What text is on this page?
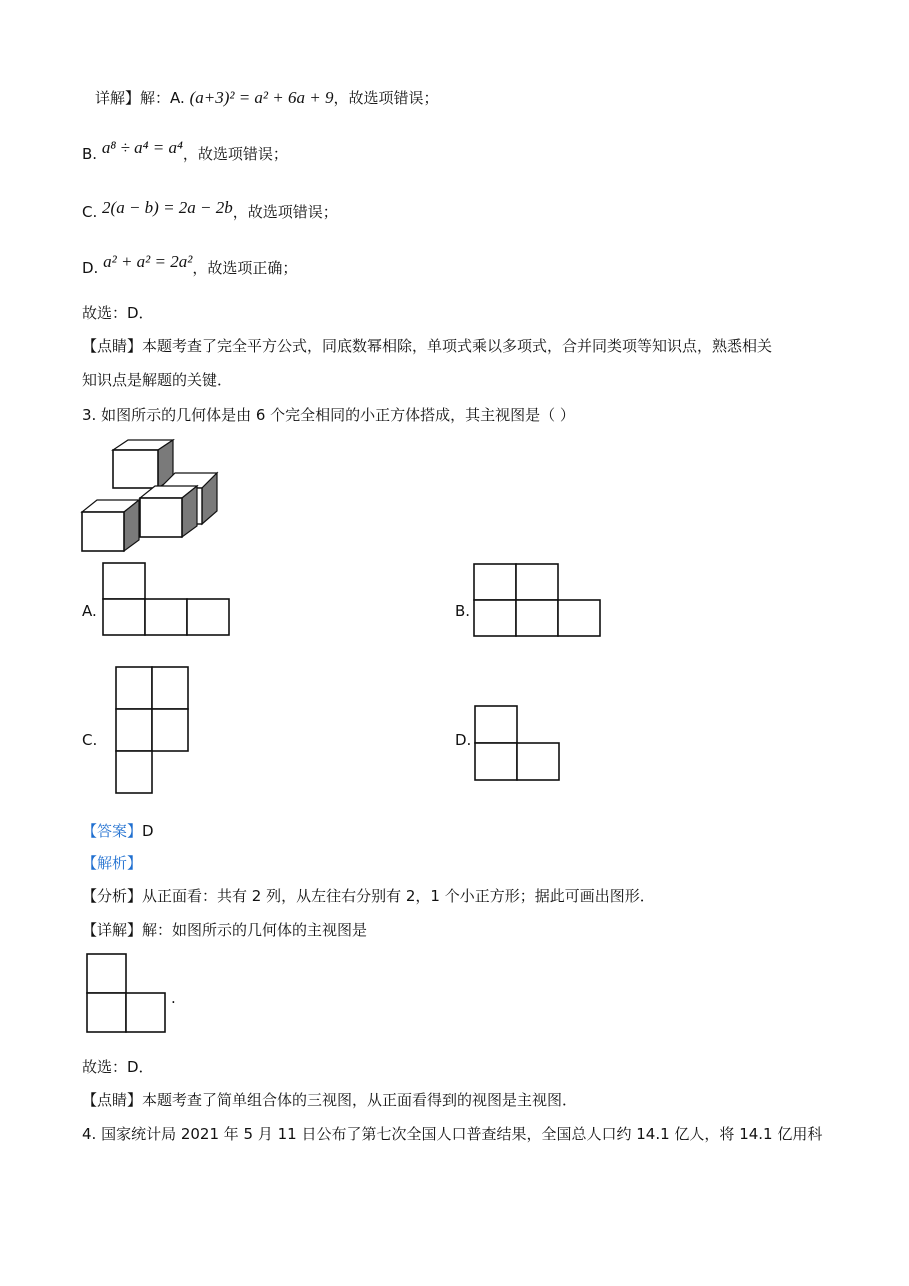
详解】解：A. (a+3)² = a² + 6a + 9，故选项错误；
B. a⁸ ÷ a⁴ = a⁴，故选项错误；
C. 2(a − b) = 2a − 2b，故选项错误；
D. a² + a² = 2a²，故选项正确；
故选：D．
【点睛】本题考查了完全平方公式，同底数幂相除，单项式乘以多项式，合并同类项等知识点，熟悉相关
知识点是解题的关键．
3. 如图所示的几何体是由 6 个完全相同的小正方体搭成，其主视图是（ ）
A.	B.
C.	D.
【答案】D
【解析】
【分析】从正面看：共有 2 列，从左往右分别有 2，1 个小正方形；据此可画出图形．
【详解】解：如图所示的几何体的主视图是
.
故选：D．
【点睛】本题考查了简单组合体的三视图，从正面看得到的视图是主视图．
4. 国家统计局 2021 年 5 月 11 日公布了第七次全国人口普查结果，全国总人口约 14.1 亿人，将 14.1 亿用科
